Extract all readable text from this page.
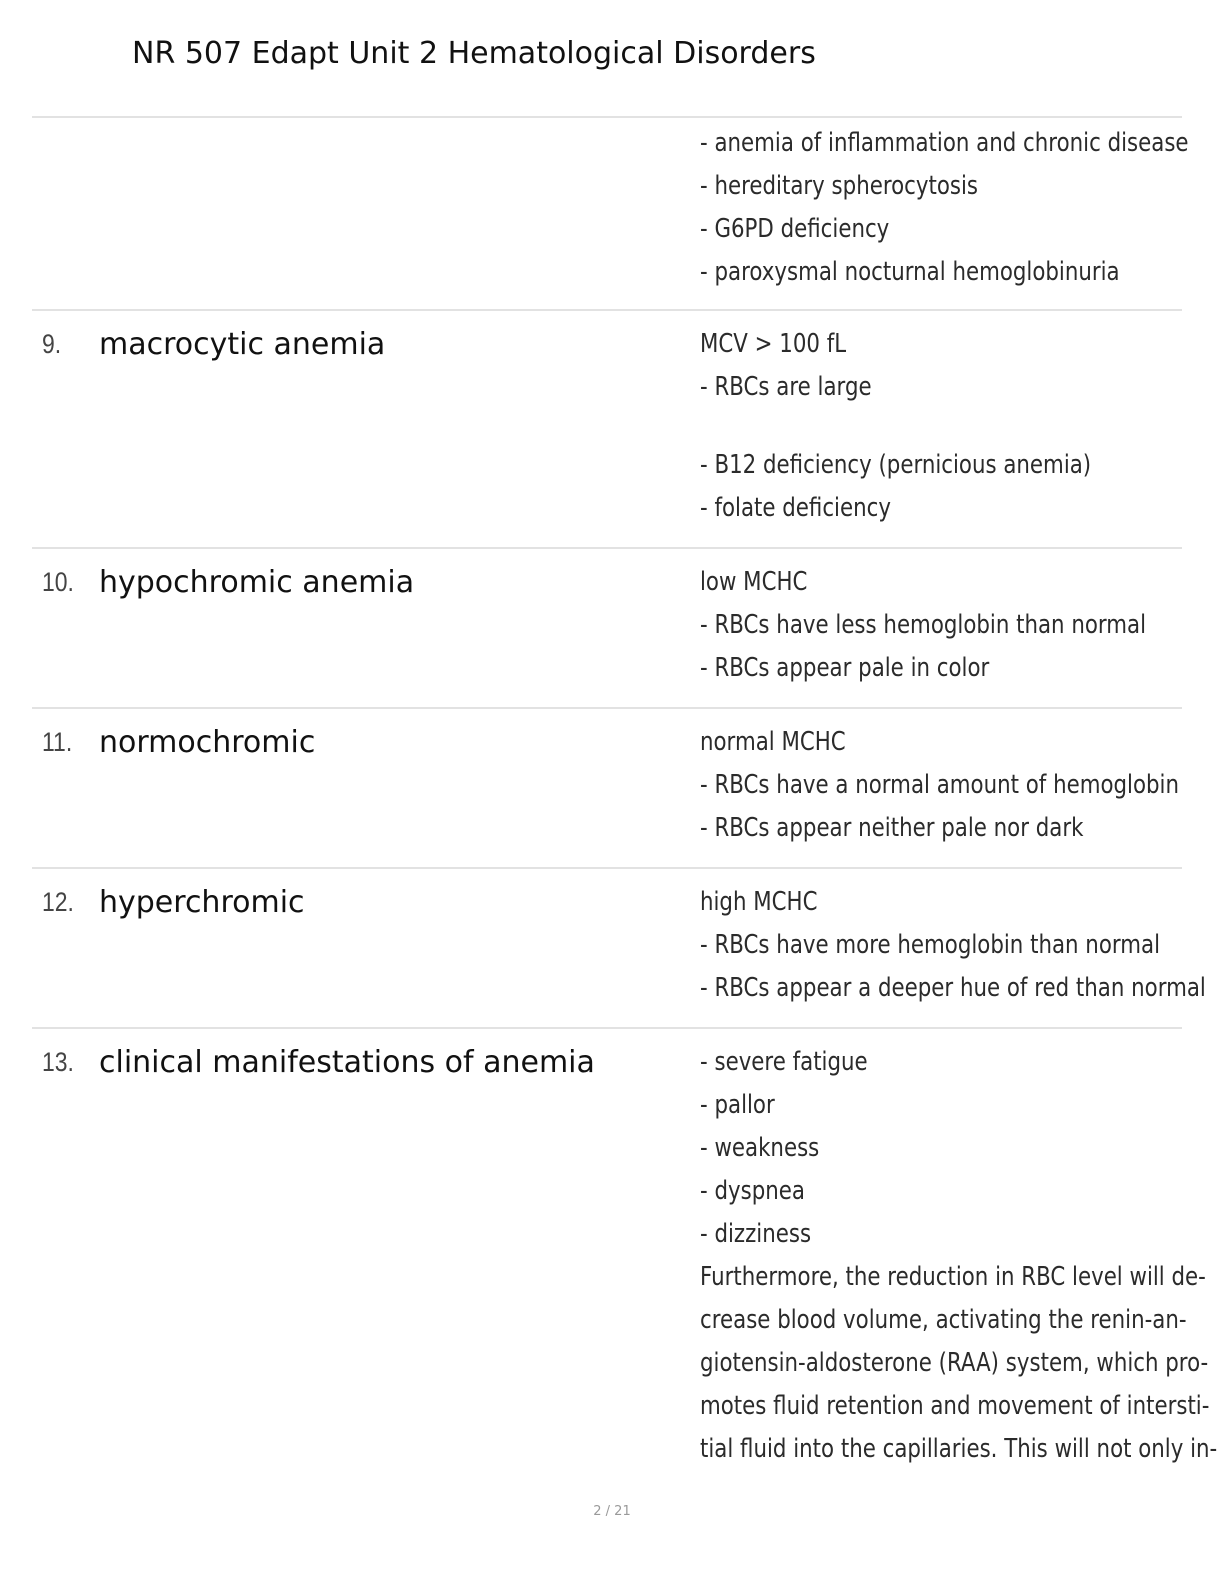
NR 507 Edapt Unit 2 Hematological Disorders
- anemia of inflammation and chronic disease
- hereditary spherocytosis
- G6PD deficiency
- paroxysmal nocturnal hemoglobinuria
9. macrocytic anemia	MCV > 100 fL
- RBCs are large
- B12 deficiency (pernicious anemia)
- folate deficiency
10. hypochromic anemia	low MCHC
- RBCs have less hemoglobin than normal
- RBCs appear pale in color
11. normochromic	normal MCHC
- RBCs have a normal amount of hemoglobin
- RBCs appear neither pale nor dark
12. hyperchromic	high MCHC
- RBCs have more hemoglobin than normal
- RBCs appear a deeper hue of red than normal
13. clinical manifestations of anemia	- severe fatigue
- pallor
- weakness
- dyspnea
- dizziness
Furthermore, the reduction in RBC level will de-
crease blood volume, activating the renin-an-
giotensin-aldosterone (RAA) system, which pro-
motes fluid retention and movement of intersti-
tial fluid into the capillaries. This will not only in-
2 / 21
